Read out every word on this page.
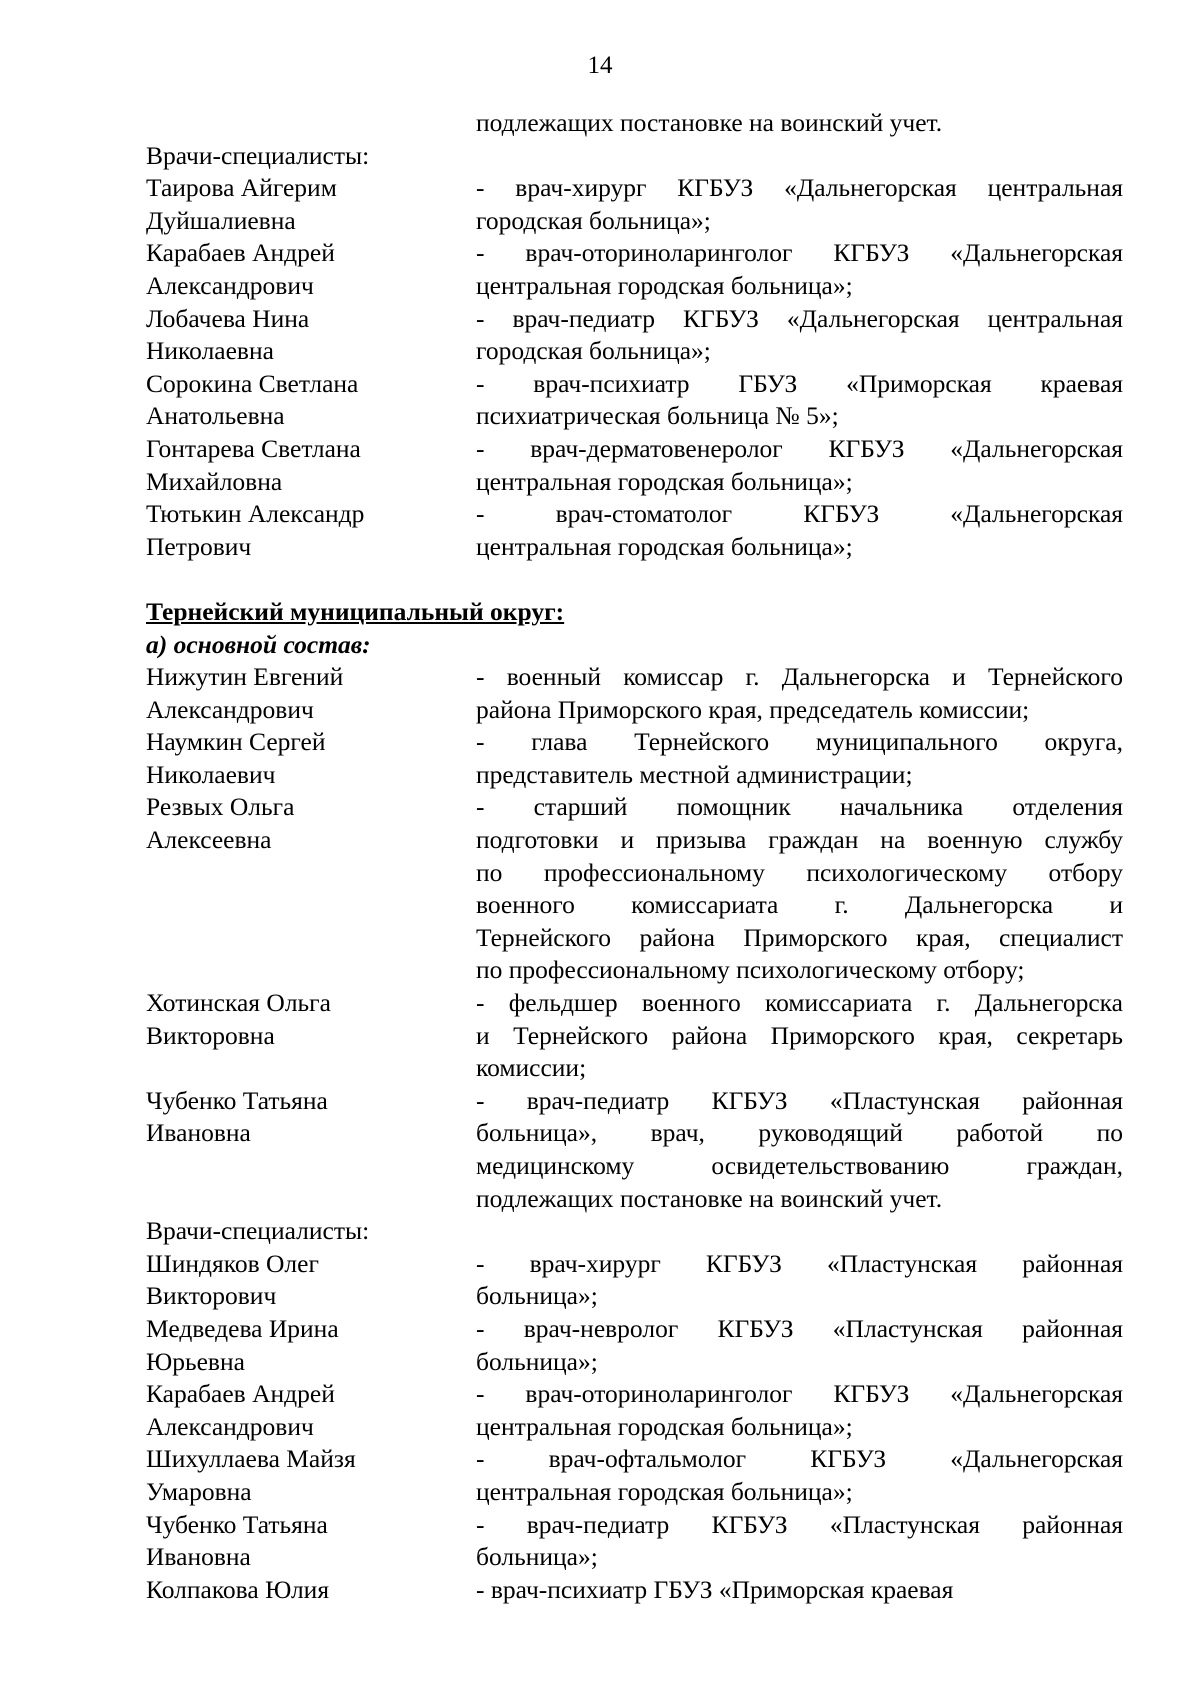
14
подлежащих постановке на воинский учет.
Врачи-специалисты:
Таирова Айгерим
Дуйшалиевна
- врач-хирург КГБУЗ «Дальнегорская центральная
городская больница»;
Карабаев Андрей
Александрович
- врач-оториноларинголог КГБУЗ «Дальнегорская
центральная городская больница»;
Лобачева Нина
Николаевна
- врач-педиатр КГБУЗ «Дальнегорская центральная
городская больница»;
Сорокина Светлана
Анатольевна
- врач-психиатр ГБУЗ «Приморская краевая
психиатрическая больница № 5»;
Гонтарева Светлана
Михайловна
- врач-дерматовенеролог КГБУЗ «Дальнегорская
центральная городская больница»;
Тютькин Александр
Петрович
- врач-стоматолог КГБУЗ «Дальнегорская
центральная городская больница»;
Тернейский муниципальный округ:
а) основной состав:
Нижутин Евгений
Александрович
- военный комиссар г. Дальнегорска и Тернейского
района Приморского края, председатель комиссии;
Наумкин Сергей
Николаевич
- глава Тернейского муниципального округа,
представитель местной администрации;
Резвых Ольга
Алексеевна
- старший помощник начальника отделения
подготовки и призыва граждан на военную службу
по профессиональному психологическому отбору
военного комиссариата г. Дальнегорска и
Тернейского района Приморского края, специалист
по профессиональному психологическому отбору;
Хотинская Ольга
Викторовна
- фельдшер военного комиссариата г. Дальнегорска
и Тернейского района Приморского края, секретарь
комиссии;
Чубенко Татьяна
Ивановна
- врач-педиатр КГБУЗ «Пластунская районная
больница», врач, руководящий работой по
медицинскому освидетельствованию граждан,
подлежащих постановке на воинский учет.
Врачи-специалисты:
Шиндяков Олег
Викторович
- врач-хирург КГБУЗ «Пластунская районная
больница»;
Медведева Ирина
Юрьевна
- врач-невролог КГБУЗ «Пластунская районная
больница»;
Карабаев Андрей
Александрович
- врач-оториноларинголог КГБУЗ «Дальнегорская
центральная городская больница»;
Шихуллаева Майзя
Умаровна
- врач-офтальмолог КГБУЗ «Дальнегорская
центральная городская больница»;
Чубенко Татьяна
Ивановна
- врач-педиатр КГБУЗ «Пластунская районная
больница»;
Колпакова Юлия	- врач-психиатр ГБУЗ «Приморская краевая
